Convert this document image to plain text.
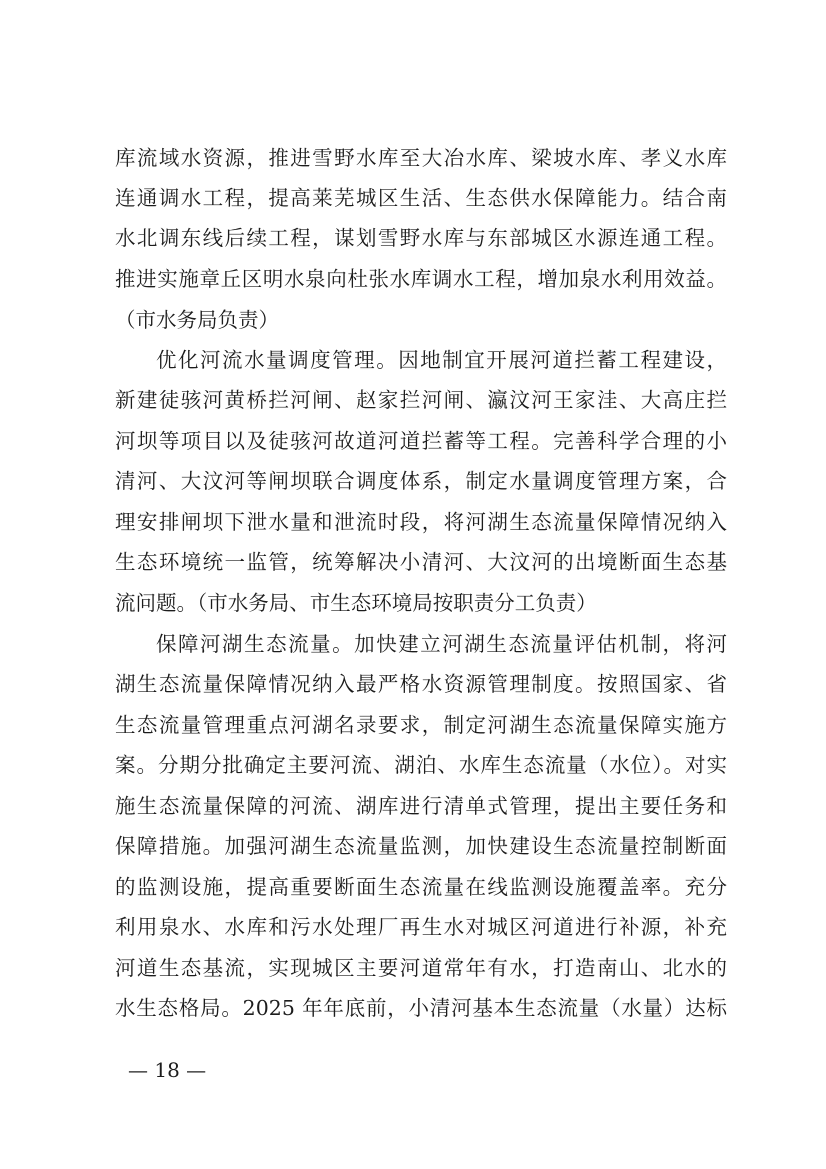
库流域水资源，推进雪野水库至大冶水库、梁坡水库、孝义水库
连通调水工程，提高莱芜城区生活、生态供水保障能力。结合南
水北调东线后续工程，谋划雪野水库与东部城区水源连通工程。
推进实施章丘区明水泉向杜张水库调水工程，增加泉水利用效益。
（市水务局负责）
优化河流水量调度管理。因地制宜开展河道拦蓄工程建设，
新建徒骇河黄桥拦河闸、赵家拦河闸、瀛汶河王家洼、大高庄拦
河坝等项目以及徒骇河故道河道拦蓄等工程。完善科学合理的小
清河、大汶河等闸坝联合调度体系，制定水量调度管理方案，合
理安排闸坝下泄水量和泄流时段，将河湖生态流量保障情况纳入
生态环境统一监管，统筹解决小清河、大汶河的出境断面生态基
流问题。（市水务局、市生态环境局按职责分工负责）
保障河湖生态流量。加快建立河湖生态流量评估机制，将河
湖生态流量保障情况纳入最严格水资源管理制度。按照国家、省
生态流量管理重点河湖名录要求，制定河湖生态流量保障实施方
案。分期分批确定主要河流、湖泊、水库生态流量（水位）。对实
施生态流量保障的河流、湖库进行清单式管理，提出主要任务和
保障措施。加强河湖生态流量监测，加快建设生态流量控制断面
的监测设施，提高重要断面生态流量在线监测设施覆盖率。充分
利用泉水、水库和污水处理厂再生水对城区河道进行补源，补充
河道生态基流，实现城区主要河道常年有水，打造南山、北水的
水生态格局。2025 年年底前，小清河基本生态流量（水量）达标
— 18 —
